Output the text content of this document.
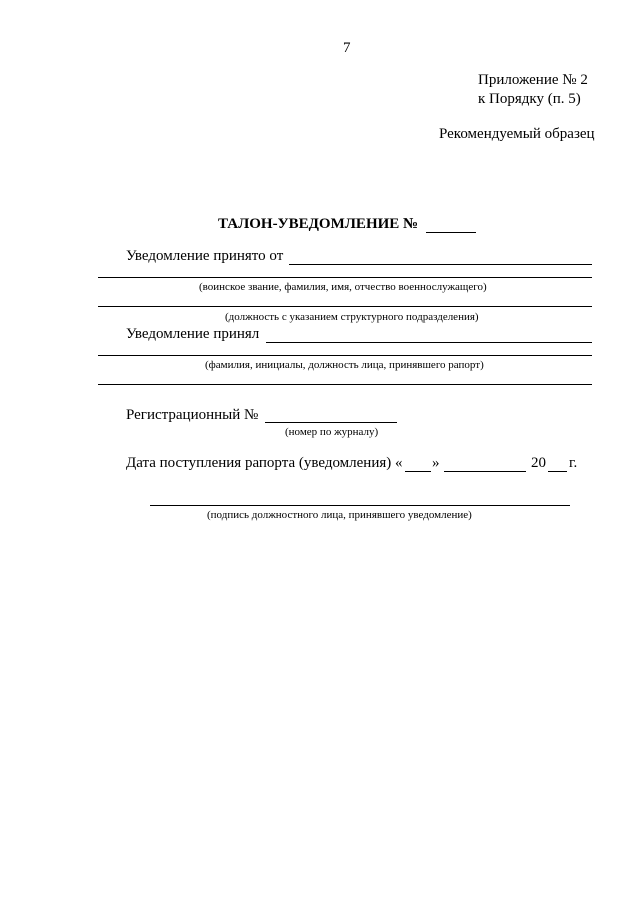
7
Приложение № 2
к Порядку (п. 5)
Рекомендуемый образец
ТАЛОН-УВЕДОМЛЕНИЕ №
Уведомление принято от
(воинское звание, фамилия, имя, отчество военнослужащего)
(должность с указанием структурного подразделения)
Уведомление принял
(фамилия, инициалы, должность лица, принявшего рапорт)
Регистрационный №
(номер по журналу)
Дата поступления рапорта (уведомления) « »	20 г.
(подпись должностного лица, принявшего уведомление)
